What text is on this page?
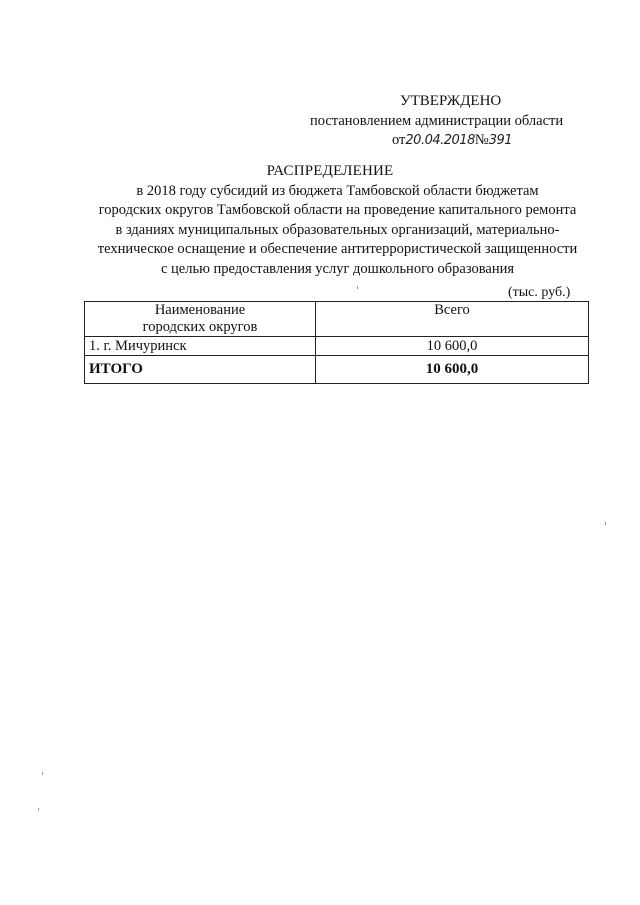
УТВЕРЖДЕНО
постановлением администрации области
от20.04.2018№391
РАСПРЕДЕЛЕНИЕ
в 2018 году субсидий из бюджета Тамбовской области бюджетам
городских округов Тамбовской области на проведение капитального ремонта
в зданиях муниципальных образовательных организаций, материально-
техническое оснащение и обеспечение антитеррористической защищенности
с целью предоставления услуг дошкольного образования
(тыс. руб.)
Наименование
городских округов	Всего
1. г. Мичуринск	10 600,0
ИТОГО	10 600,0
